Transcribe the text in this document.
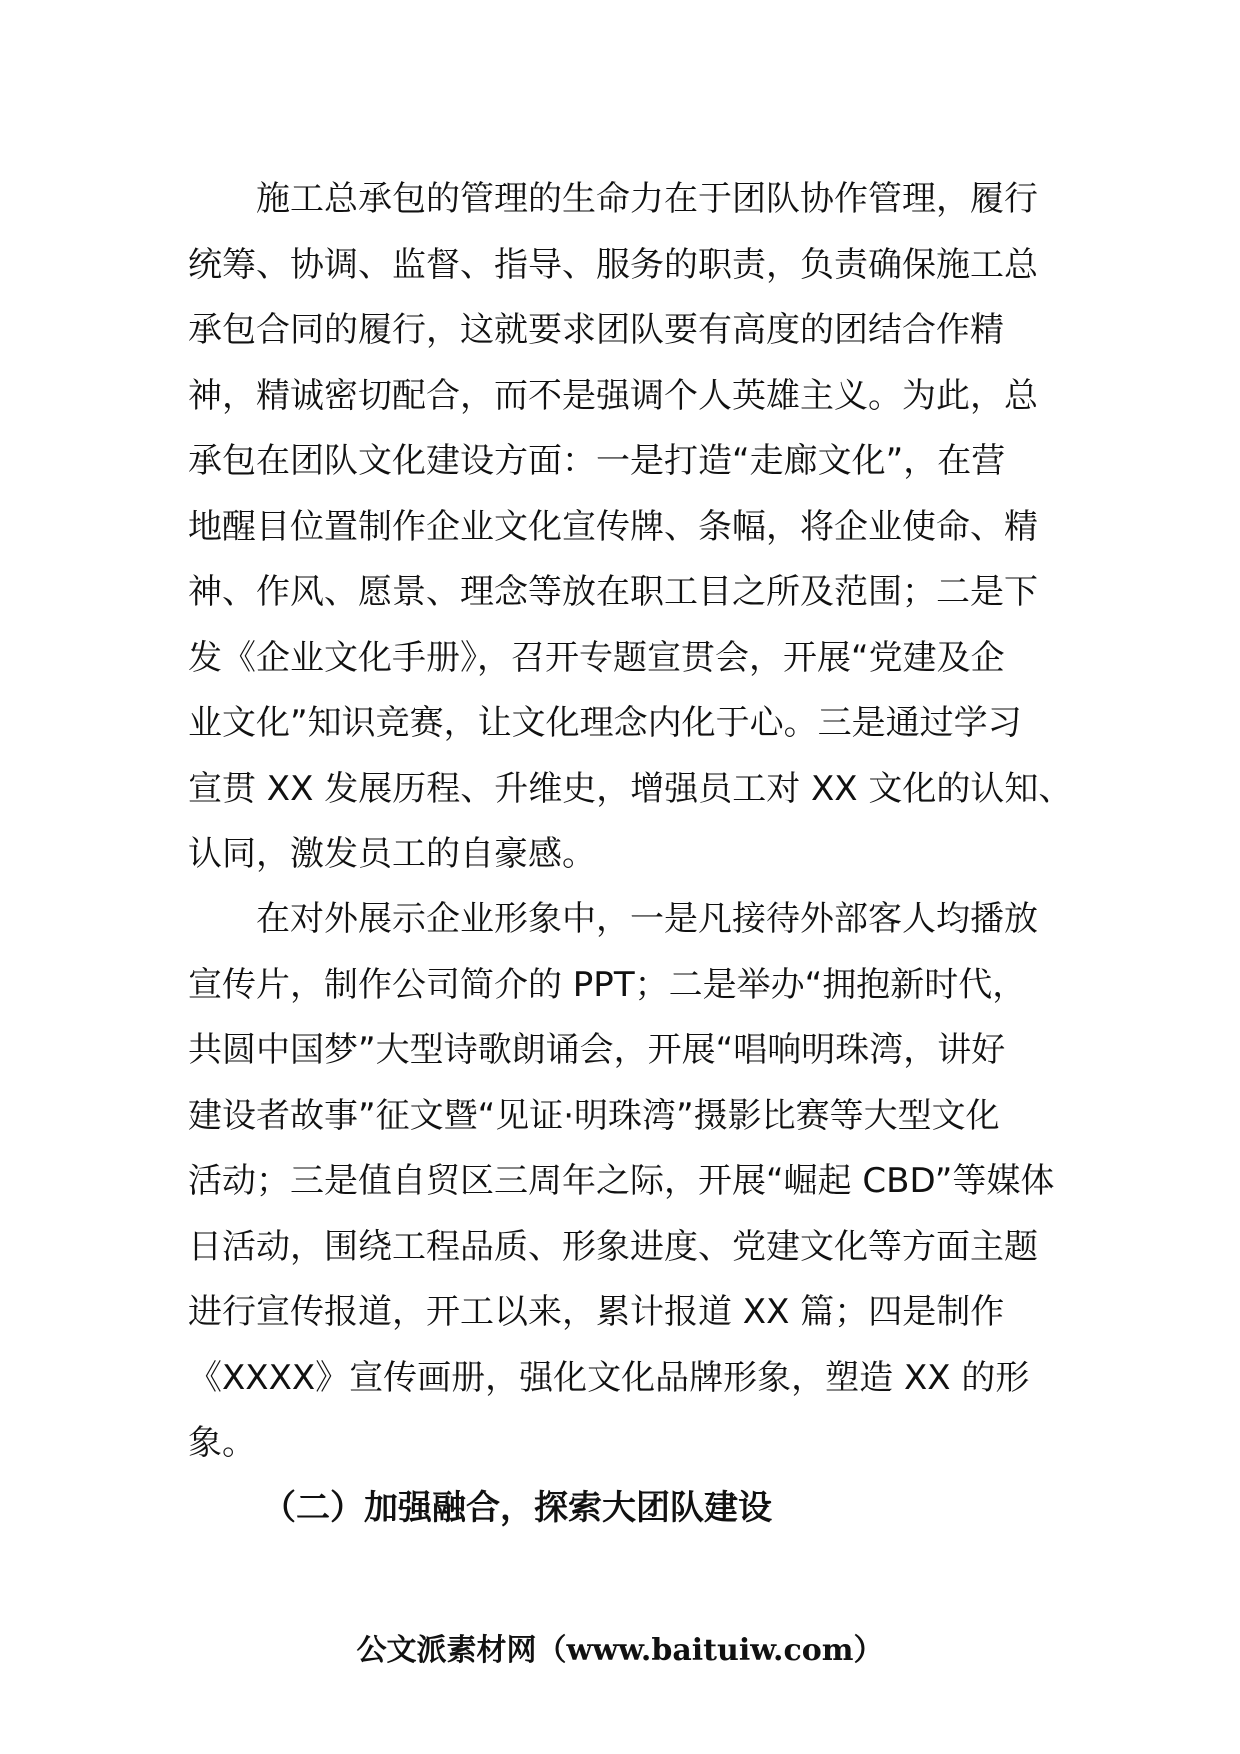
施工总承包的管理的生命力在于团队协作管理，履行
统筹、协调、监督、指导、服务的职责，负责确保施工总
承包合同的履行，这就要求团队要有高度的团结合作精
神，精诚密切配合，而不是强调个人英雄主义。为此，总
承包在团队文化建设方面：一是打造“走廊文化”，在营
地醒目位置制作企业文化宣传牌、条幅，将企业使命、精
神、作风、愿景、理念等放在职工目之所及范围；二是下
发《企业文化手册》，召开专题宣贯会，开展“党建及企
业文化”知识竞赛，让文化理念内化于心。三是通过学习
宣贯 XX 发展历程、升维史，增强员工对 XX 文化的认知、
认同，激发员工的自豪感。
在对外展示企业形象中，一是凡接待外部客人均播放
宣传片，制作公司简介的 PPT；二是举办“拥抱新时代，
共圆中国梦”大型诗歌朗诵会，开展“唱响明珠湾，讲好
建设者故事”征文暨“见证·明珠湾”摄影比赛等大型文化
活动；三是值自贸区三周年之际，开展“崛起 CBD”等媒体
日活动，围绕工程品质、形象进度、党建文化等方面主题
进行宣传报道，开工以来，累计报道 XX 篇；四是制作
《XXXX》宣传画册，强化文化品牌形象，塑造 XX 的形
象。
（二）加强融合，探索大团队建设
公文派素材网（www.baituiw.com）
